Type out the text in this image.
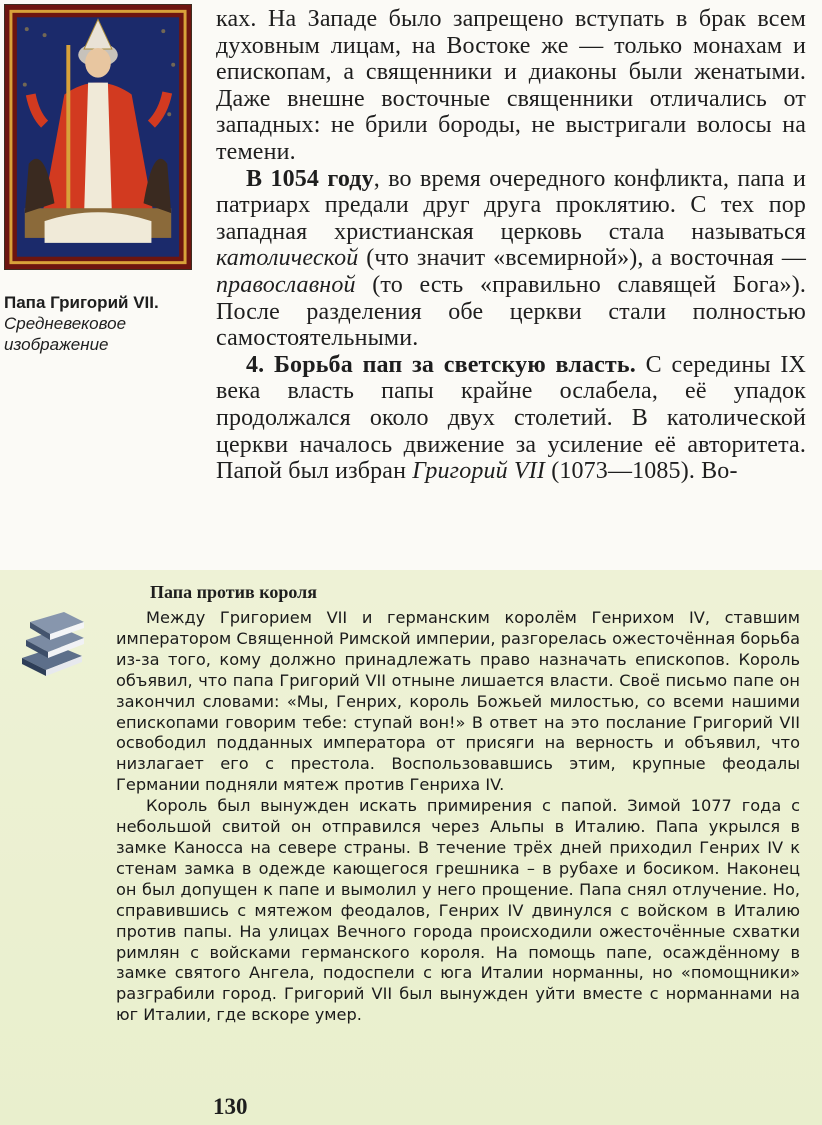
Папа Григорий VII.
Средневековое
изображение

ках. На Западе было запрещено вступать в брак всем духовным лицам, на Востоке же — только монахам и епископам, а священники и диаконы были женатыми. Даже внешне восточные священники отличались от западных: не брили бороды, не выстригали волосы на темени.

В 1054 году, во время очередного конфликта, папа и патриарх предали друг друга проклятию. С тех пор западная христианская церковь стала называться католической (что значит «всемирной»), а восточная — православной (то есть «правильно славящей Бога»). После разделения обе церкви стали полностью самостоятельными.

4. Борьба пап за светскую власть. С середины IX века власть папы крайне ослабела, её упадок продолжался около двух столетий. В католической церкви началось движение за усиление её авторитета. Папой был избран Григорий VII (1073—1085). Во-

Папа против короля

Между Григорием VII и германским королём Генрихом IV, ставшим императором Священной Римской империи, разгорелась ожесточённая борьба из-за того, кому должно принадлежать право назначать епископов. Король объявил, что папа Григорий VII отныне лишается власти. Своё письмо папе он закончил словами: «Мы, Генрих, король Божьей милостью, со всеми нашими епископами говорим тебе: ступай вон!» В ответ на это послание Григорий VII освободил подданных императора от присяги на верность и объявил, что низлагает его с престола. Воспользовавшись этим, крупные феодалы Германии подняли мятеж против Генриха IV.

Король был вынужден искать примирения с папой. Зимой 1077 года с небольшой свитой он отправился через Альпы в Италию. Папа укрылся в замке Каносса на севере страны. В течение трёх дней приходил Генрих IV к стенам замка в одежде кающегося грешника – в рубахе и босиком. Наконец он был допущен к папе и вымолил у него прощение. Папа снял отлучение. Но, справившись с мятежом феодалов, Генрих IV двинулся с войском в Италию против папы. На улицах Вечного города происходили ожесточённые схватки римлян с войсками германского короля. На помощь папе, осаждённому в замке святого Ангела, подоспели с юга Италии норманны, но «помощники» разграбили город. Григорий VII был вынужден уйти вместе с норманнами на юг Италии, где вскоре умер.

130
